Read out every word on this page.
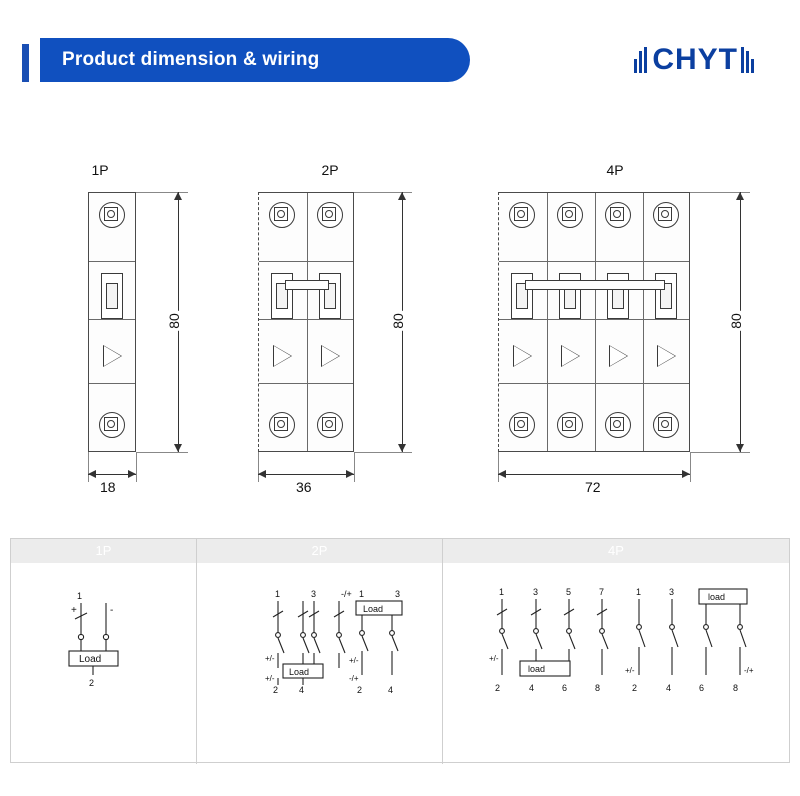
Product dimension & wiring	CHYT
1P
80
18
2P
80
36
4P
80
72
1P	2P	4P
1
+	-
Load
2
1	3	-/+
Load
+/-
+/-
2 4
1	3
Load
+/-
-/+
2	4
1	3	5	7
load
+/-
2	4	6	8
1	3	load
+/-	-/+
2	4	6	8
